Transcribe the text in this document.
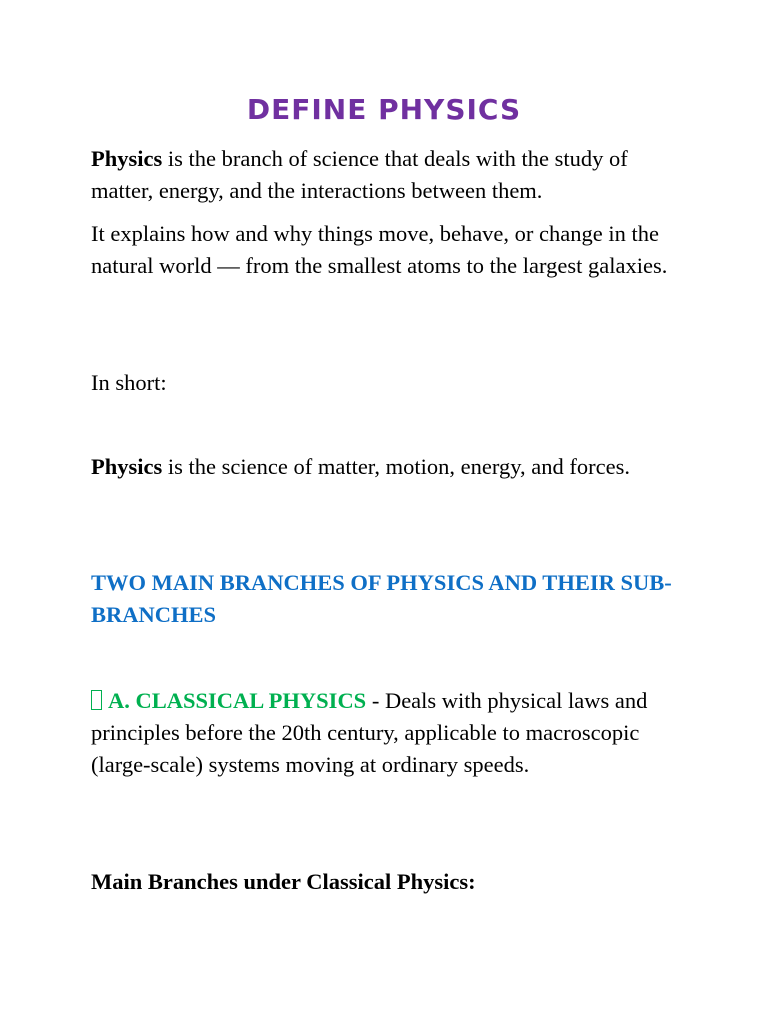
DEFINE PHYSICS

Physics is the branch of science that deals with the study of matter, energy, and the interactions between them.

It explains how and why things move, behave, or change in the natural world — from the smallest atoms to the largest galaxies.

In short:

Physics is the science of matter, motion, energy, and forces.

TWO MAIN BRANCHES OF PHYSICS AND THEIR SUB-BRANCHES

A. CLASSICAL PHYSICS - Deals with physical laws and principles before the 20th century, applicable to macroscopic (large-scale) systems moving at ordinary speeds.

Main Branches under Classical Physics:
